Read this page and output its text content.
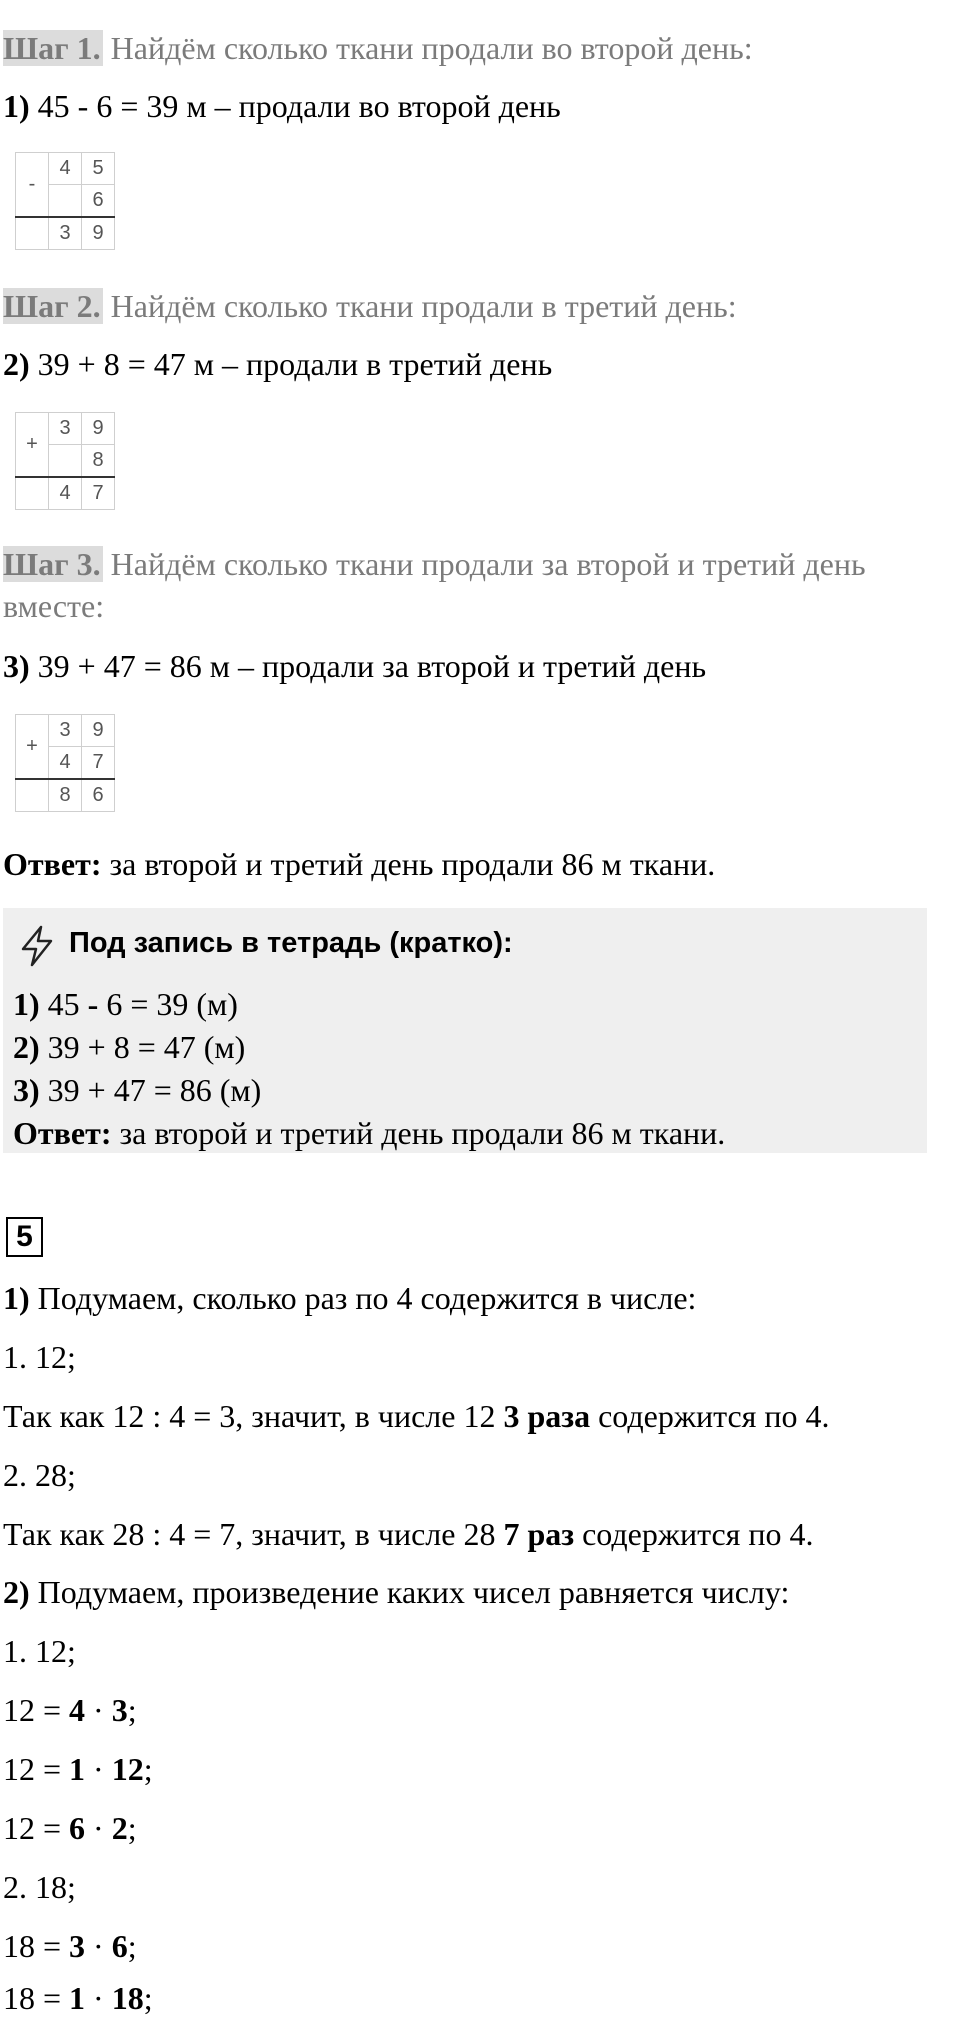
Шаг 1. Найдём сколько ткани продали во второй день:
1) 45 - 6 = 39 м – продали во второй день
-	4	5
		6
	3	9
Шаг 2. Найдём сколько ткани продали в третий день:
2) 39 + 8 = 47 м – продали в третий день
+	3	9
		8
	4	7
Шаг 3. Найдём сколько ткани продали за второй и третий день
вместе:
3) 39 + 47 = 86 м – продали за второй и третий день
+	3	9
	4	7
	8	6
Ответ: за второй и третий день продали 86 м ткани.
Под запись в тетрадь (кратко):
1) 45 - 6 = 39 (м)
2) 39 + 8 = 47 (м)
3) 39 + 47 = 86 (м)
Ответ: за второй и третий день продали 86 м ткани.
5
1) Подумаем, сколько раз по 4 содержится в числе:
1. 12;
Так как 12 : 4 = 3, значит, в числе 12 3 раза содержится по 4.
2. 28;
Так как 28 : 4 = 7, значит, в числе 28 7 раз содержится по 4.
2) Подумаем, произведение каких чисел равняется числу:
1. 12;
12 = 4 · 3;
12 = 1 · 12;
12 = 6 · 2;
2. 18;
18 = 3 · 6;
18 = 1 · 18;
